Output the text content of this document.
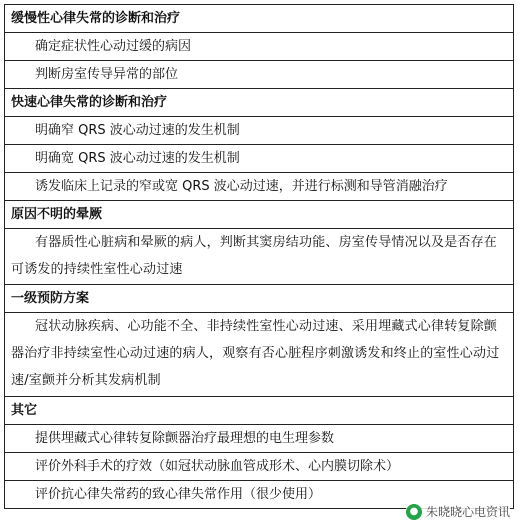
缓慢性心律失常的诊断和治疗
确定症状性心动过缓的病因
判断房室传导异常的部位
快速心律失常的诊断和治疗
明确窄 QRS 波心动过速的发生机制
明确宽 QRS 波心动过速的发生机制
诱发临床上记录的窄或宽 QRS 波心动过速，并进行标测和导管消融治疗
原因不明的晕厥
有器质性心脏病和晕厥的病人，判断其窦房结功能、房室传导情况以及是否存在可诱发的持续性室性心动过速
一级预防方案
冠状动脉疾病、心功能不全、非持续性室性心动过速、采用埋藏式心律转复除颤器治疗非持续室性心动过速的病人，观察有否心脏程序刺激诱发和终止的室性心动过速/室颤并分析其发病机制
其它
提供埋藏式心律转复除颤器治疗最理想的电生理参数
评价外科手术的疗效（如冠状动脉血管成形术、心内膜切除术）
评价抗心律失常药的致心律失常作用（很少使用）
● 朱晓晓心电资讯
